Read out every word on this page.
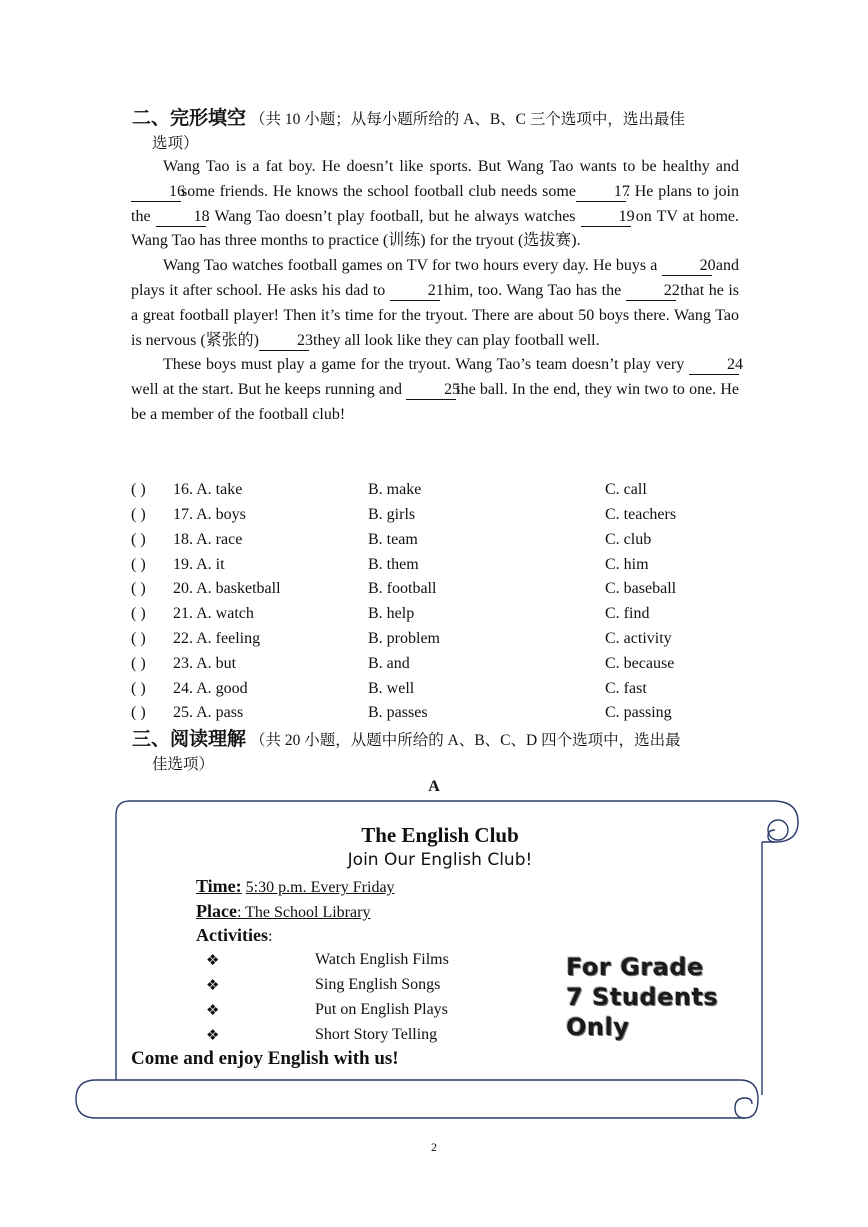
二、完形填空 （共 10 小题；从每小题所给的 A、B、C 三个选项中，选出最佳
选项）

Wang Tao is a fat boy. He doesn’t like sports. But Wang Tao wants to be healthy and16some friends. He knows the school football club needs some 17. He plans to join the 18. Wang Tao doesn’t play football, but he always watches 19 on TV at home. Wang Tao has three months to practice (训练) for the tryout (选拔赛).

Wang Tao watches football games on TV for two hours every day. He buys a 20 and plays it after school. He asks his dad to 21 him, too. Wang Tao has the 22 that he is a great football player! Then it’s time for the tryout. There are about 50 boys there. Wang Tao is nervous (紧张的) 23 they all look like they can play football well.

These boys must play a game for the tryout. Wang Tao’s team doesn’t play very 24well at the start. But he keeps running and 25the ball. In the end, they win two to one. He be a member of the football club!

( )	16. A. take	B. make	C. call
( )	17. A. boys	B. girls	C. teachers
( )	18. A. race	B. team	C. club
( )	19. A. it	B. them	C. him
( )	20. A. basketball	B. football	C. baseball
( )	21. A. watch	B. help	C. find
( )	22. A. feeling	B. problem	C. activity
( )	23. A. but	B. and	C. because
( )	24. A. good	B. well	C. fast
( )	25. A. pass	B. passes	C. passing
三、阅读理解 （共 20 小题，从题中所给的 A、B、C、D 四个选项中，选出最
佳选项）
A
The English Club
Join Our English Club!
Time: 5:30 p.m. Every Friday
Place: The School Library
Activities:
❖	Watch English Films
❖	Sing English Songs
❖	Put on English Plays
❖	Short Story Telling
For Grade
7 Students
Only
Come and enjoy English with us!
2
